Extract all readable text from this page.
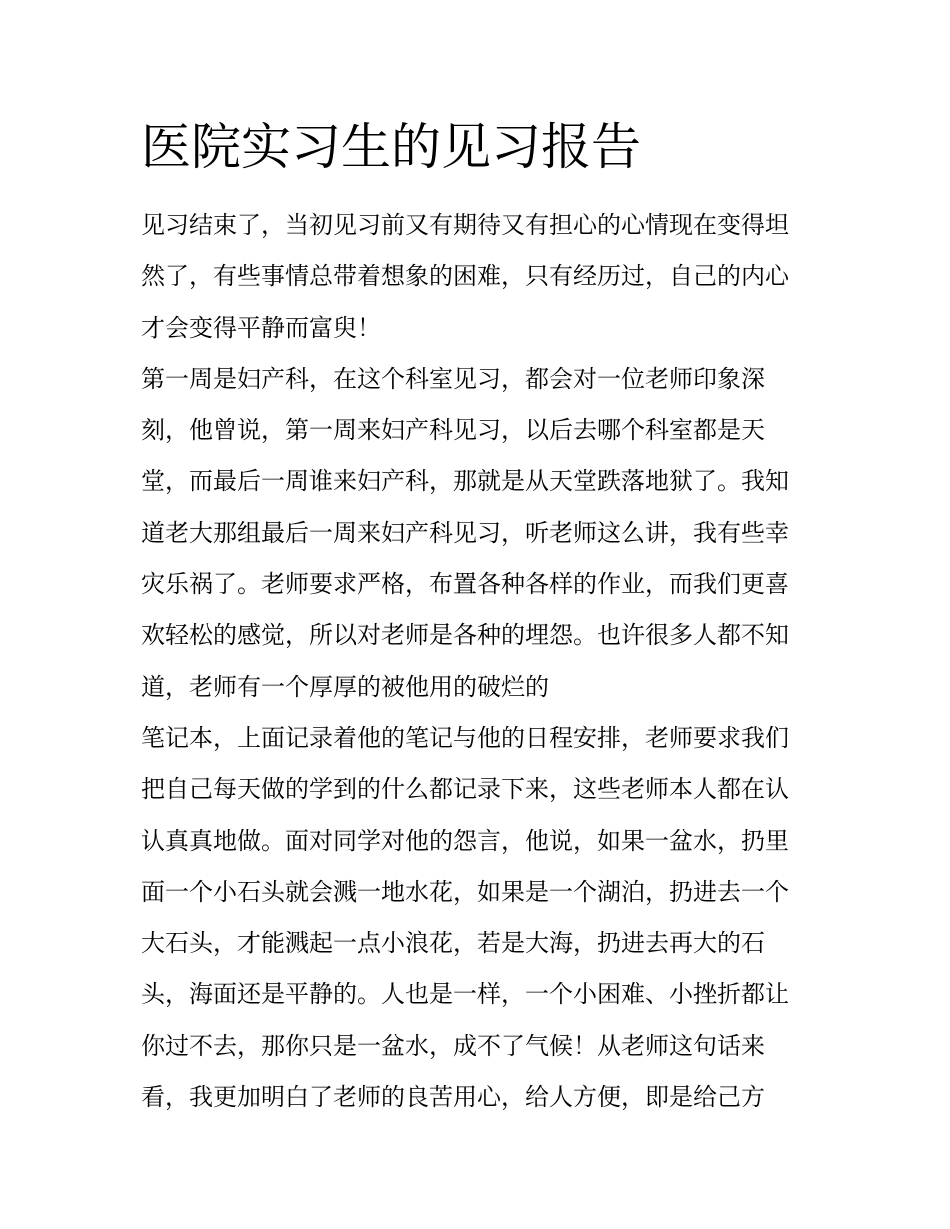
医院实习生的见习报告
见习结束了，当初见习前又有期待又有担心的心情现在变得坦
然了，有些事情总带着想象的困难，只有经历过，自己的内心
才会变得平静而富臾！
第一周是妇产科，在这个科室见习，都会对一位老师印象深
刻，他曾说，第一周来妇产科见习，以后去哪个科室都是天
堂，而最后一周谁来妇产科，那就是从天堂跌落地狱了。我知
道老大那组最后一周来妇产科见习，听老师这么讲，我有些幸
灾乐祸了。老师要求严格，布置各种各样的作业，而我们更喜
欢轻松的感觉，所以对老师是各种的埋怨。也许很多人都不知
道，老师有一个厚厚的被他用的破烂的
笔记本，上面记录着他的笔记与他的日程安排，老师要求我们
把自己每天做的学到的什么都记录下来，这些老师本人都在认
认真真地做。面对同学对他的怨言，他说，如果一盆水，扔里
面一个小石头就会溅一地水花，如果是一个湖泊，扔进去一个
大石头，才能溅起一点小浪花，若是大海，扔进去再大的石
头，海面还是平静的。人也是一样，一个小困难、小挫折都让
你过不去，那你只是一盆水，成不了气候！从老师这句话来
看，我更加明白了老师的良苦用心，给人方便，即是给己方
